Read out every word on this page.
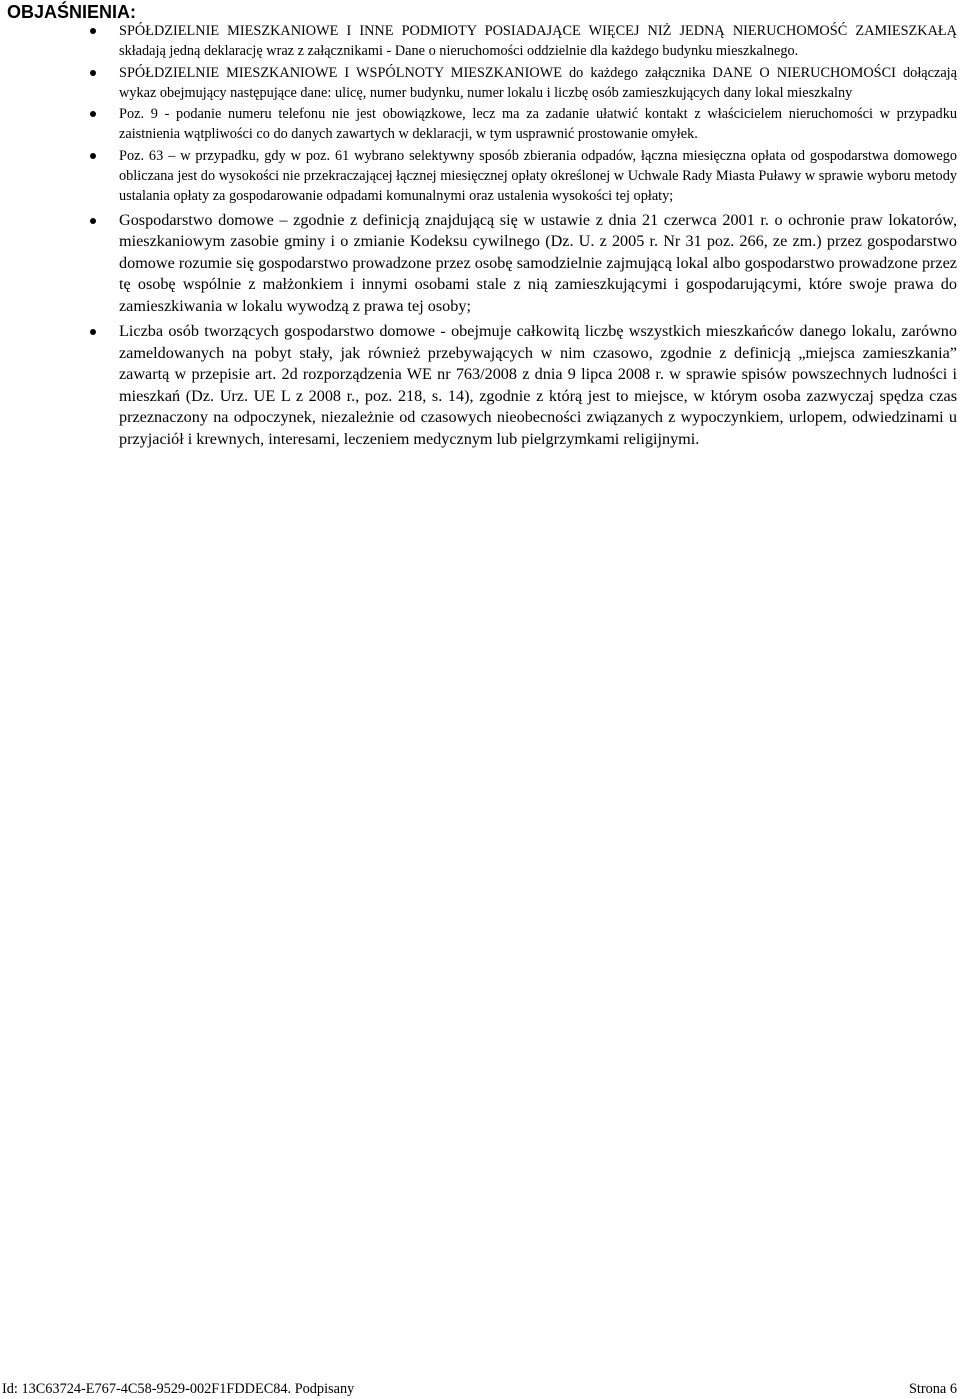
OBJAŚNIENIA:
SPÓŁDZIELNIE MIESZKANIOWE I INNE PODMIOTY POSIADAJĄCE WIĘCEJ NIŻ JEDNĄ NIERUCHOMOŚĆ ZAMIESZKAŁĄ składają jedną deklarację wraz z załącznikami - Dane o nieruchomości oddzielnie dla każdego budynku mieszkalnego.
SPÓŁDZIELNIE MIESZKANIOWE I WSPÓLNOTY MIESZKANIOWE do każdego załącznika DANE O NIERUCHOMOŚCI dołączają wykaz obejmujący następujące dane: ulicę, numer budynku, numer lokalu i liczbę osób zamieszkujących dany lokal mieszkalny
Poz. 9 - podanie numeru telefonu nie jest obowiązkowe, lecz ma za zadanie ułatwić kontakt z właścicielem nieruchomości w przypadku zaistnienia wątpliwości co do danych zawartych w deklaracji, w tym usprawnić prostowanie omyłek.
Poz. 63 – w przypadku, gdy w poz. 61 wybrano selektywny sposób zbierania odpadów, łączna miesięczna opłata od gospodarstwa domowego obliczana jest do wysokości nie przekraczającej łącznej miesięcznej opłaty określonej w Uchwale Rady Miasta Puławy w sprawie wyboru metody ustalania opłaty za gospodarowanie odpadami komunalnymi oraz ustalenia wysokości tej opłaty;
Gospodarstwo domowe – zgodnie z definicją znajdującą się w ustawie z dnia 21 czerwca 2001 r. o ochronie praw lokatorów, mieszkaniowym zasobie gminy i o zmianie Kodeksu cywilnego (Dz. U. z 2005 r. Nr 31 poz. 266, ze zm.) przez gospodarstwo domowe rozumie się gospodarstwo prowadzone przez osobę samodzielnie zajmującą lokal albo gospodarstwo prowadzone przez tę osobę wspólnie z małżonkiem i innymi osobami stale z nią zamieszkującymi i gospodarującymi, które swoje prawa do zamieszkiwania w lokalu wywodzą z prawa tej osoby;
Liczba osób tworzących gospodarstwo domowe - obejmuje całkowitą liczbę wszystkich mieszkańców danego lokalu, zarówno zameldowanych na pobyt stały, jak również przebywających w nim czasowo, zgodnie z definicją „miejsca zamieszkania” zawartą w przepisie art. 2d rozporządzenia WE nr 763/2008 z dnia 9 lipca 2008 r. w sprawie spisów powszechnych ludności i mieszkań (Dz. Urz. UE L z 2008 r., poz. 218, s. 14), zgodnie z którą jest to miejsce, w którym osoba zazwyczaj spędza czas przeznaczony na odpoczynek, niezależnie od czasowych nieobecności związanych z wypoczynkiem, urlopem, odwiedzinami u przyjaciół i krewnych, interesami, leczeniem medycznym lub pielgrzymkami religijnymi.
Id: 13C63724-E767-4C58-9529-002F1FDDEC84. Podpisany	Strona 6
